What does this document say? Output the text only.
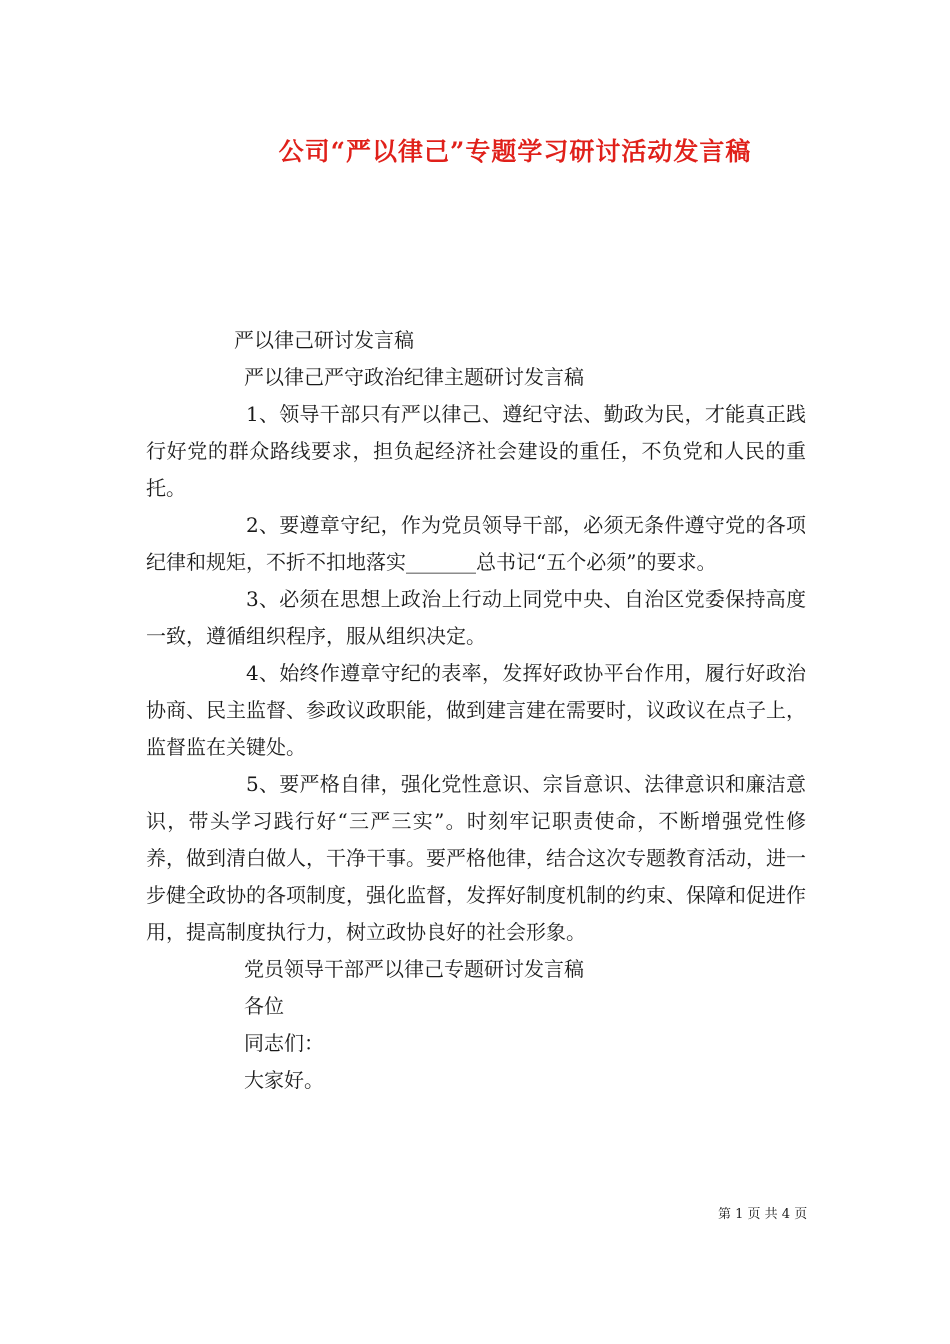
公司“严以律己”专题学习研讨活动发言稿
严以律己研讨发言稿
严以律己严守政治纪律主题研讨发言稿
1、领导干部只有严以律己、遵纪守法、勤政为民，才能真正践行好党的群众路线要求，担负起经济社会建设的重任，不负党和人民的重托。
2、要遵章守纪，作为党员领导干部，必须无条件遵守党的各项纪律和规矩，不折不扣地落实_______总书记“五个必须”的要求。
3、必须在思想上政治上行动上同党中央、自治区党委保持高度一致，遵循组织程序，服从组织决定。
4、始终作遵章守纪的表率，发挥好政协平台作用，履行好政治协商、民主监督、参政议政职能，做到建言建在需要时，议政议在点子上，监督监在关键处。
5、要严格自律，强化党性意识、宗旨意识、法律意识和廉洁意识，带头学习践行好“三严三实”。时刻牢记职责使命，不断增强党性修养，做到清白做人，干净干事。要严格他律，结合这次专题教育活动，进一步健全政协的各项制度，强化监督，发挥好制度机制的约束、保障和促进作用，提高制度执行力，树立政协良好的社会形象。
党员领导干部严以律己专题研讨发言稿
各位
同志们：
大家好。
第 1 页 共 4 页
